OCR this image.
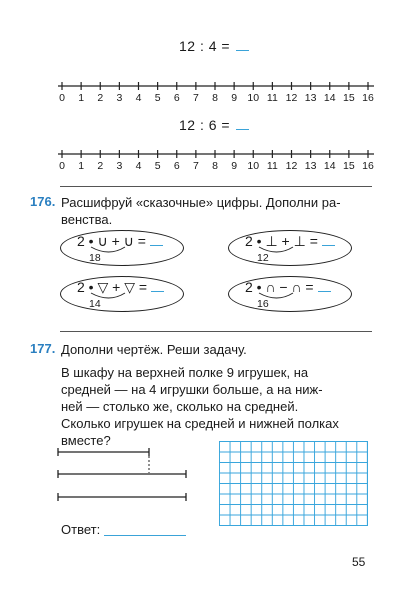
12 : 4 =
0 1 2 3 4 5 6 7 8 9 10 11 12 13 14 15 16
12 : 6 =
0 1 2 3 4 5 6 7 8 9 10 11 12 13 14 15 16
176. Расшифруй «сказочные» цифры. Дополни ра-
венства.
2 • ∪ + ∪ =
18
2 • ⊥ + ⊥ =
12
2 • ▽ + ▽ =
14
2 • ∩ − ∩ =
16
177. Дополни чертёж. Реши задачу.
В шкафу на верхней полке 9 игрушек, на
средней — на 4 игрушки больше, а на ниж-
ней — столько же, сколько на средней.
Сколько игрушек на средней и нижней полках
вместе?
Ответ:
55
